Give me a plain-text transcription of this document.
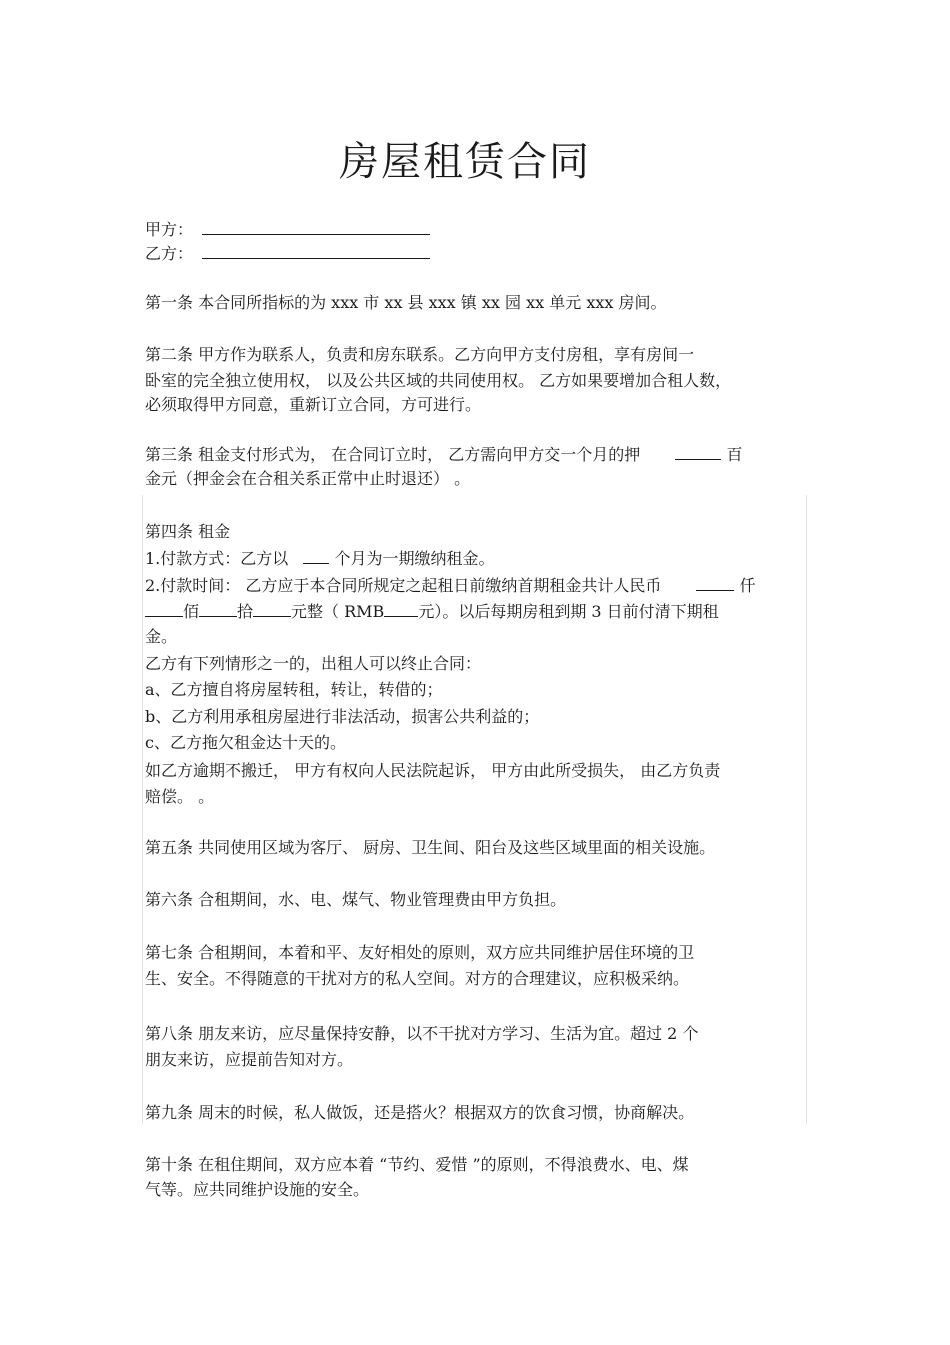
房屋租赁合同
甲方：
乙方：
第一条 本合同所指标的为 xxx 市 xx 县 xxx 镇 xx 园 xx 单元 xxx 房间。
第二条 甲方作为联系人，负责和房东联系。乙方向甲方支付房租，享有房间一
卧室的完全独立使用权， 以及公共区域的共同使用权。 乙方如果要增加合租人数，
必须取得甲方同意，重新订立合同，方可进行。
第三条 租金支付形式为， 在合同订立时， 乙方需向甲方交一个月的押	百
金元（押金会在合租关系正常中止时退还） 。
第四条 租金
1.付款方式：乙方以	个月为一期缴纳租金。
2.付款时间： 乙方应于本合同所规定之起租日前缴纳首期租金共计人民币	仟
佰 拾 元整（ RMB 元）。以后每期房租到期 3 日前付清下期租
金。
乙方有下列情形之一的，出租人可以终止合同：
a、乙方擅自将房屋转租，转让，转借的；
b、乙方利用承租房屋进行非法活动，损害公共利益的；
c、乙方拖欠租金达十天的。
如乙方逾期不搬迁， 甲方有权向人民法院起诉， 甲方由此所受损失， 由乙方负责
赔偿。 。
第五条 共同使用区域为客厅、 厨房、卫生间、阳台及这些区域里面的相关设施。
第六条 合租期间，水、电、煤气、物业管理费由甲方负担。
第七条 合租期间，本着和平、友好相处的原则，双方应共同维护居住环境的卫
生、安全。不得随意的干扰对方的私人空间。对方的合理建议，应积极采纳。
第八条 朋友来访，应尽量保持安静，以不干扰对方学习、生活为宜。超过 2 个
朋友来访，应提前告知对方。
第九条 周末的时候，私人做饭，还是搭火？根据双方的饮食习惯，协商解决。
第十条 在租住期间，双方应本着 “节约、爱惜 ”的原则，不得浪费水、电、煤
气等。应共同维护设施的安全。
